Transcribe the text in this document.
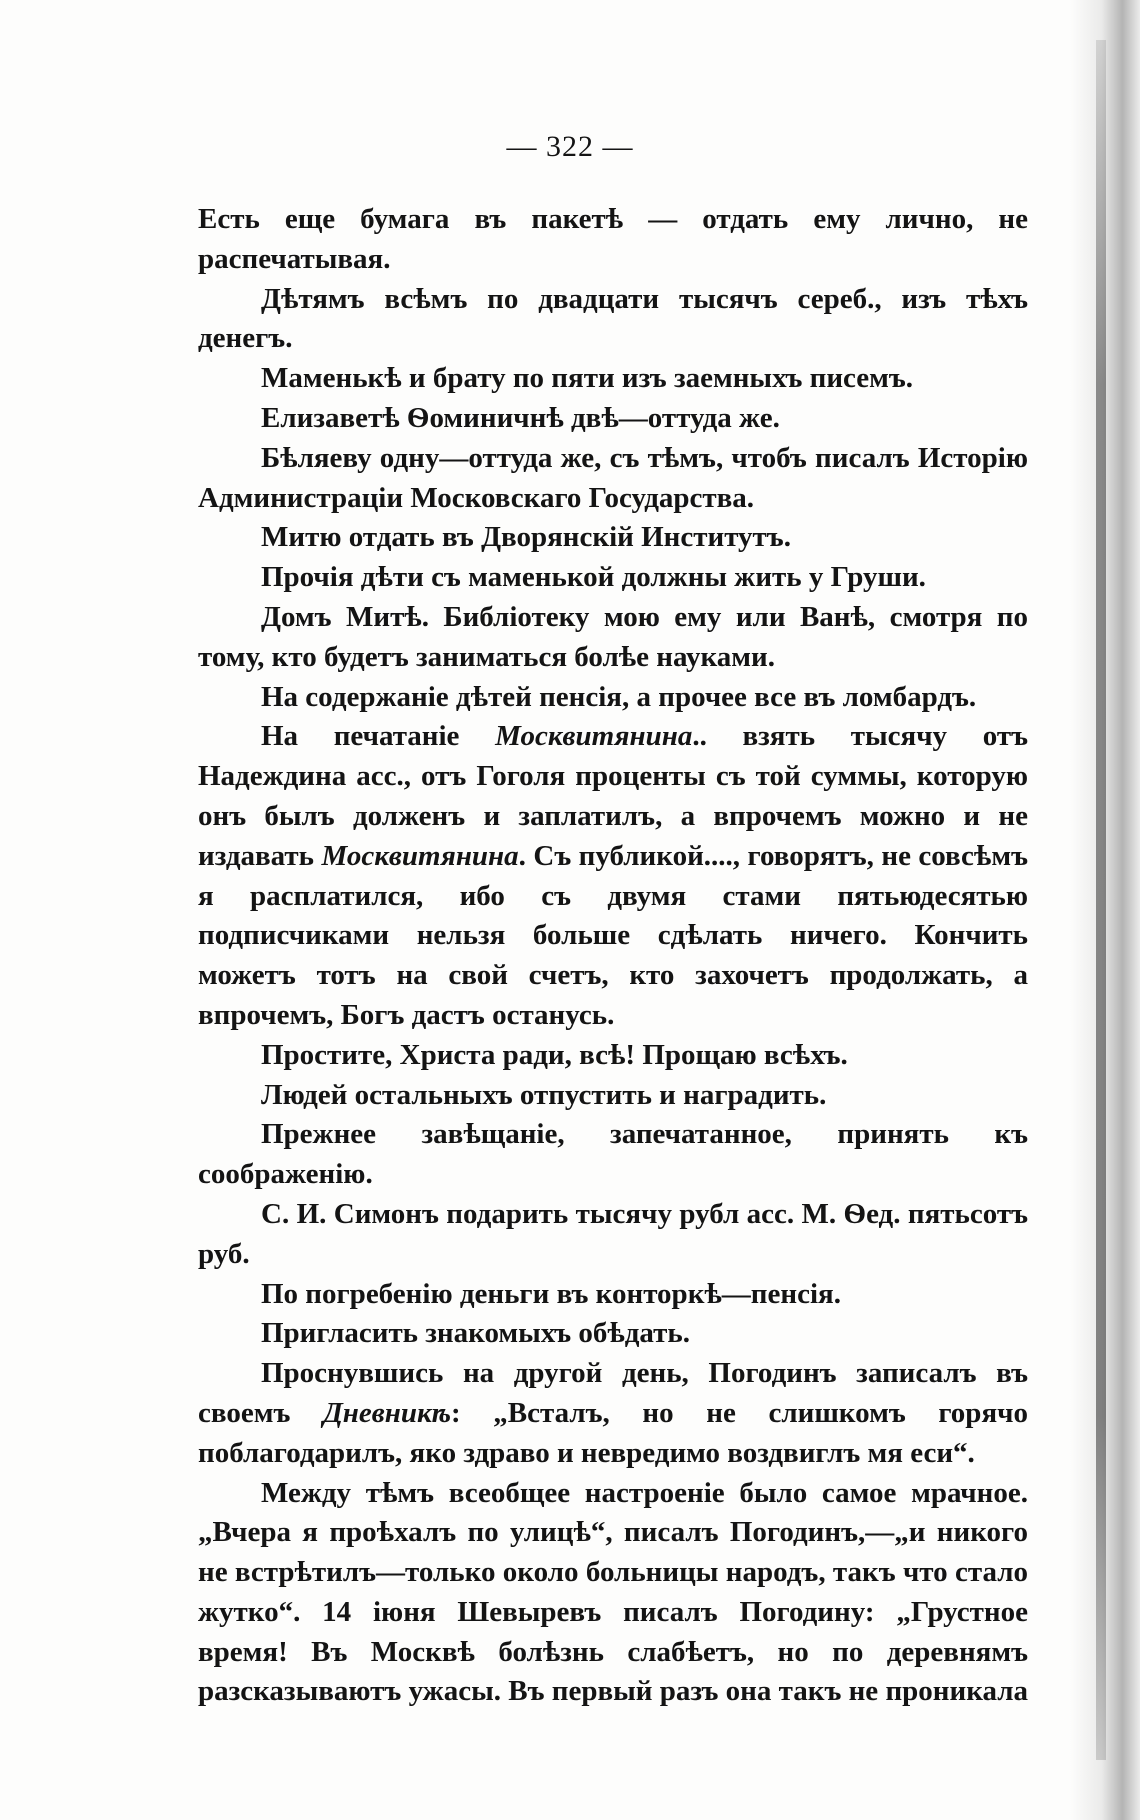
— 322 —

Есть еще бумага въ пакетѣ — отдать ему лично, не распечатывая.

Дѣтямъ всѣмъ по двадцати тысячъ сереб., изъ тѣхъ денегъ.

Маменькѣ и брату по пяти изъ заемныхъ писемъ.

Елизаветѣ Ѳоминичнѣ двѣ—оттуда же.

Бѣляеву одну—оттуда же, съ тѣмъ, чтобъ писалъ Исторію Администраціи Московскаго Государства.

Митю отдать въ Дворянскій Институтъ.

Прочія дѣти съ маменькой должны жить у Груши.

Домъ Митѣ. Библіотеку мою ему или Ванѣ, смотря по тому, кто будетъ заниматься болѣе науками.

На содержаніе дѣтей пенсія, а прочее все въ ломбардъ.

На печатаніе Москвитянина.. взять тысячу отъ Надеждина асс., отъ Гоголя проценты съ той суммы, которую онъ былъ долженъ и заплатилъ, а впрочемъ можно и не издавать Москвитянина. Съ публикой...., говорятъ, не совсѣмъ я расплатился, ибо съ двумя стами пятьюдесятью подписчиками нельзя больше сдѣлать ничего. Кончить можетъ тотъ на свой счетъ, кто захочетъ продолжать, а впрочемъ, Богъ дастъ останусь.

Простите, Христа ради, всѣ! Прощаю всѣхъ.

Людей остальныхъ отпустить и наградить.

Прежнее завѣщаніе, запечатанное, принять къ соображенію.

С. И. Симонъ подарить тысячу рубл асс. М. Ѳед. пятьсотъ руб.

По погребенію деньги въ конторкѣ—пенсія.

Пригласить знакомыхъ обѣдать.

Проснувшись на другой день, Погодинъ записалъ въ своемъ Дневникѣ: „Всталъ, но не слишкомъ горячо поблагодарилъ, яко здраво и невредимо воздвиглъ мя еси“.

Между тѣмъ всеобщее настроеніе было самое мрачное. „Вчера я проѣхалъ по улицѣ“, писалъ Погодинъ,—„и никого не встрѣтилъ—только около больницы народъ, такъ что стало жутко“. 14 іюня Шевыревъ писалъ Погодину: „Грустное время! Въ Москвѣ болѣзнь слабѣетъ, но по деревнямъ разсказываютъ ужасы. Въ первый разъ она такъ не проникала
